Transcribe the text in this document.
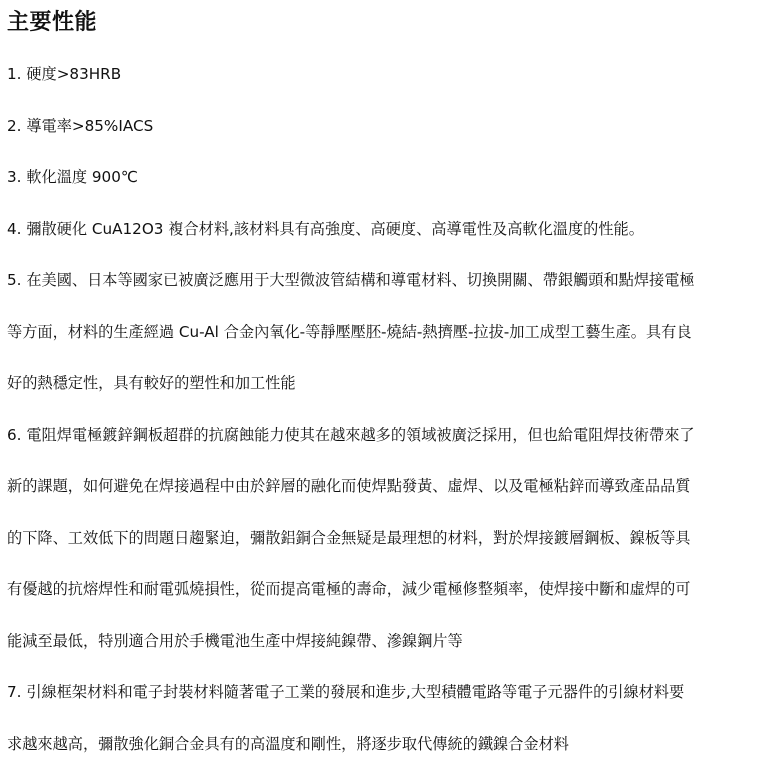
主要性能
1. 硬度>83HRB
2. 導電率>85%IACS
3. 軟化溫度 900℃
4. 彌散硬化 CuA12O3 複合材料,該材料具有高強度、高硬度、高導電性及高軟化溫度的性能。
5. 在美國、日本等國家已被廣泛應用于大型微波管結構和導電材料、切換開關、帶銀觸頭和點焊接電極
等方面，材料的生產經過 Cu-Al 合金內氧化-等靜壓壓胚-燒結-熱擠壓-拉拔-加工成型工藝生產。具有良
好的熱穩定性，具有較好的塑性和加工性能
6. 電阻焊電極鍍鋅鋼板超群的抗腐蝕能力使其在越來越多的領域被廣泛採用，但也給電阻焊技術帶來了
新的課題，如何避免在焊接過程中由於鋅層的融化而使焊點發黃、虛焊、以及電極粘鋅而導致產品品質
的下降、工效低下的問題日趨緊迫，彌散鋁銅合金無疑是最理想的材料，對於焊接鍍層鋼板、鎳板等具
有優越的抗熔焊性和耐電弧燒損性，從而提高電極的壽命，減少電極修整頻率，使焊接中斷和虛焊的可
能減至最低，特別適合用於手機電池生產中焊接純鎳帶、滲鎳鋼片等
7. 引線框架材料和電子封裝材料隨著電子工業的發展和進步,大型積體電路等電子元器件的引線材料要
求越來越高，彌散強化銅合金具有的高溫度和剛性，將逐步取代傳統的鐵鎳合金材料
